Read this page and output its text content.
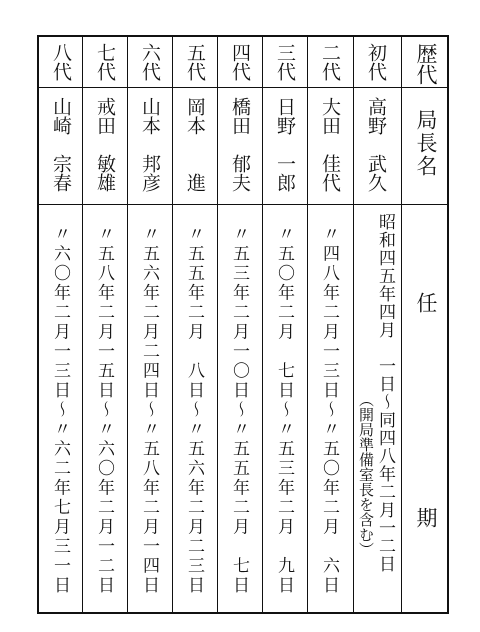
歴代
局長名
任
期
初代
高野　武久
昭和四五年四月　一日〜同四八年二月一二日
（開局準備室長を含む）
二代
大田　佳代
〃四八年二月一三日〜〃五〇年二月　六日
三代
日野　一郎
〃五〇年二月　七日〜〃五三年二月　九日
四代
橋田　郁夫
〃五三年二月一〇日〜〃五五年二月　七日
五代
岡本　　進
〃五五年二月　八日〜〃五六年二月二三日
六代
山本　邦彦
〃五六年二月二四日〜〃五八年二月一四日
七代
戒田　敏雄
〃五八年二月一五日〜〃六〇年二月一二日
八代
山崎　宗春
〃六〇年二月一三日〜〃六二年七月三一日
